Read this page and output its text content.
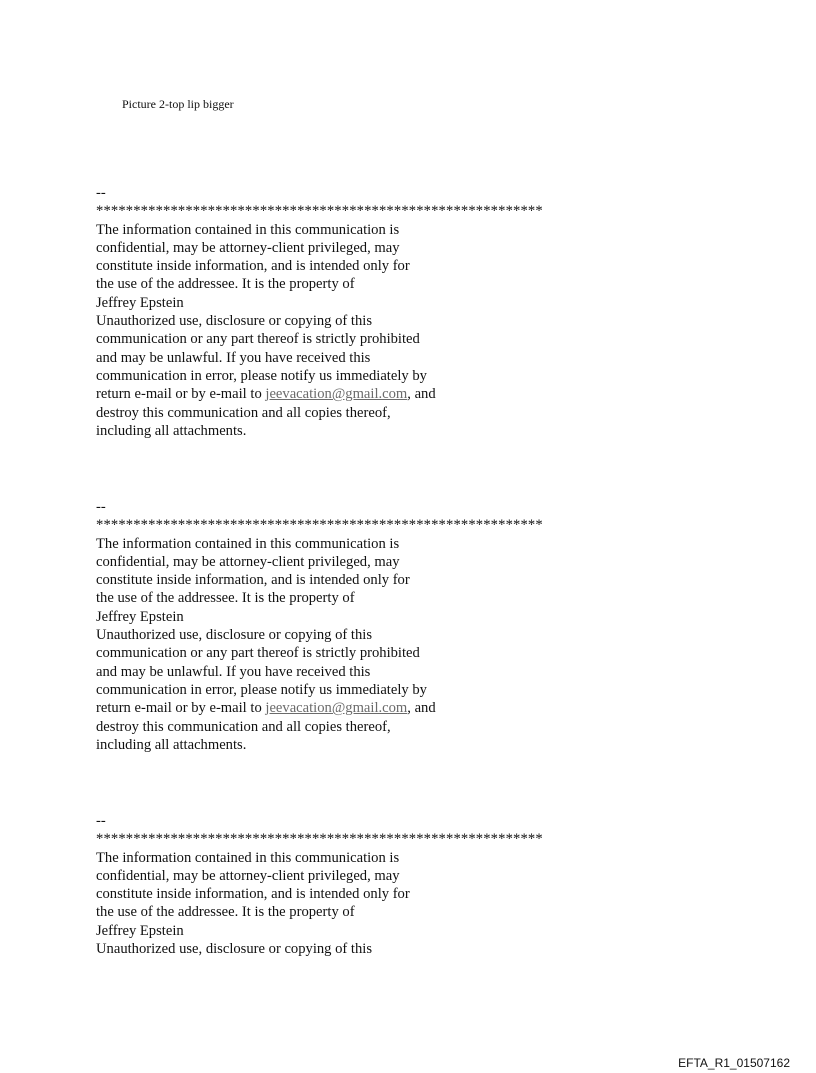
Picture 2-top lip bigger

--
************************************************************
The information contained in this communication is
confidential, may be attorney-client privileged, may
constitute inside information, and is intended only for
the use of the addressee. It is the property of
Jeffrey Epstein
Unauthorized use, disclosure or copying of this
communication or any part thereof is strictly prohibited
and may be unlawful. If you have received this
communication in error, please notify us immediately by
return e-mail or by e-mail to jeevacation@gmail.com, and
destroy this communication and all copies thereof,
including all attachments.
--
************************************************************
The information contained in this communication is
confidential, may be attorney-client privileged, may
constitute inside information, and is intended only for
the use of the addressee. It is the property of
Jeffrey Epstein
Unauthorized use, disclosure or copying of this
communication or any part thereof is strictly prohibited
and may be unlawful. If you have received this
communication in error, please notify us immediately by
return e-mail or by e-mail to jeevacation@gmail.com, and
destroy this communication and all copies thereof,
including all attachments.
--
************************************************************
The information contained in this communication is
confidential, may be attorney-client privileged, may
constitute inside information, and is intended only for
the use of the addressee. It is the property of
Jeffrey Epstein
Unauthorized use, disclosure or copying of this

EFTA_R1_01507162
